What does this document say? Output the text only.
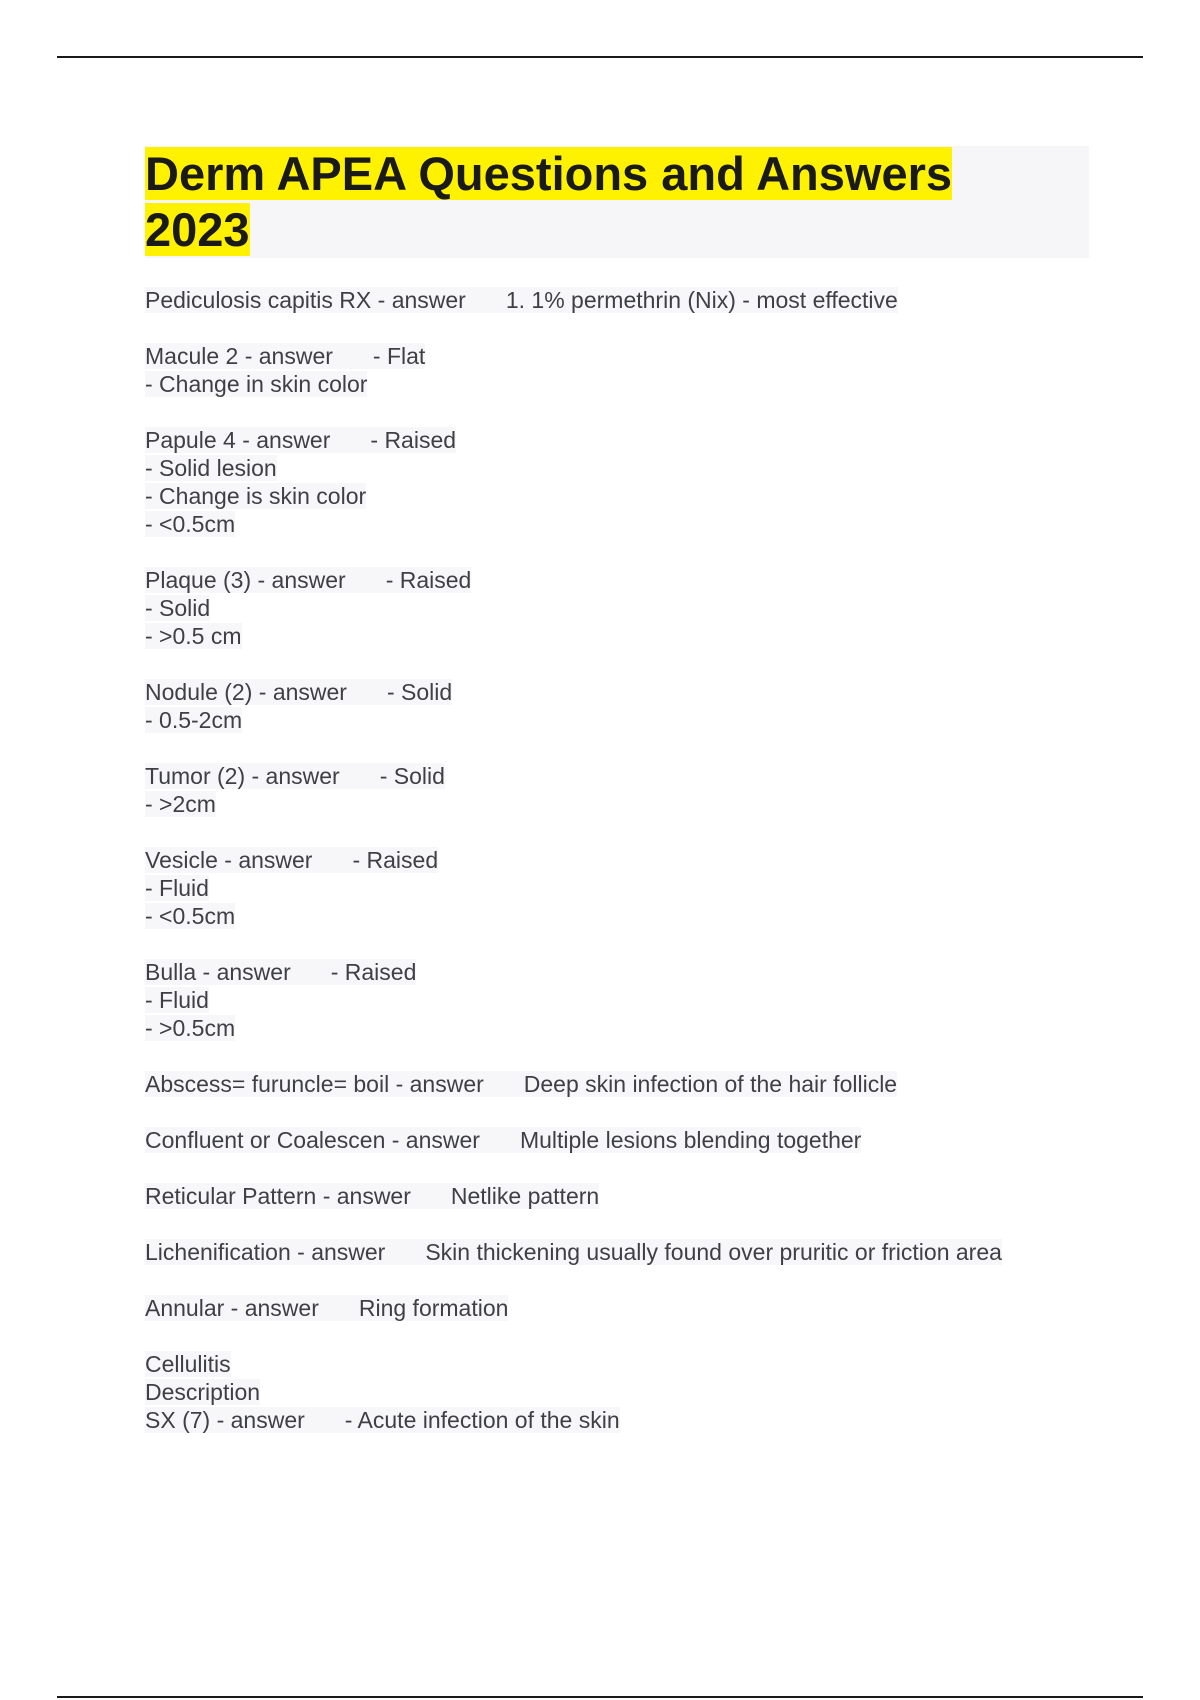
Derm APEA Questions and Answers
2023
Pediculosis capitis RX - answer 1. 1% permethrin (Nix) - most effective
Macule 2 - answer - Flat
- Change in skin color
Papule 4 - answer - Raised
- Solid lesion
- Change is skin color
- <0.5cm
Plaque (3) - answer - Raised
- Solid
- >0.5 cm
Nodule (2) - answer - Solid
- 0.5-2cm
Tumor (2) - answer - Solid
- >2cm
Vesicle - answer - Raised
- Fluid
- <0.5cm
Bulla - answer - Raised
- Fluid
- >0.5cm
Abscess= furuncle= boil - answer Deep skin infection of the hair follicle
Confluent or Coalescen - answer Multiple lesions blending together
Reticular Pattern - answer Netlike pattern
Lichenification - answer Skin thickening usually found over pruritic or friction area
Annular - answer Ring formation
Cellulitis
Description
SX (7) - answer - Acute infection of the skin
